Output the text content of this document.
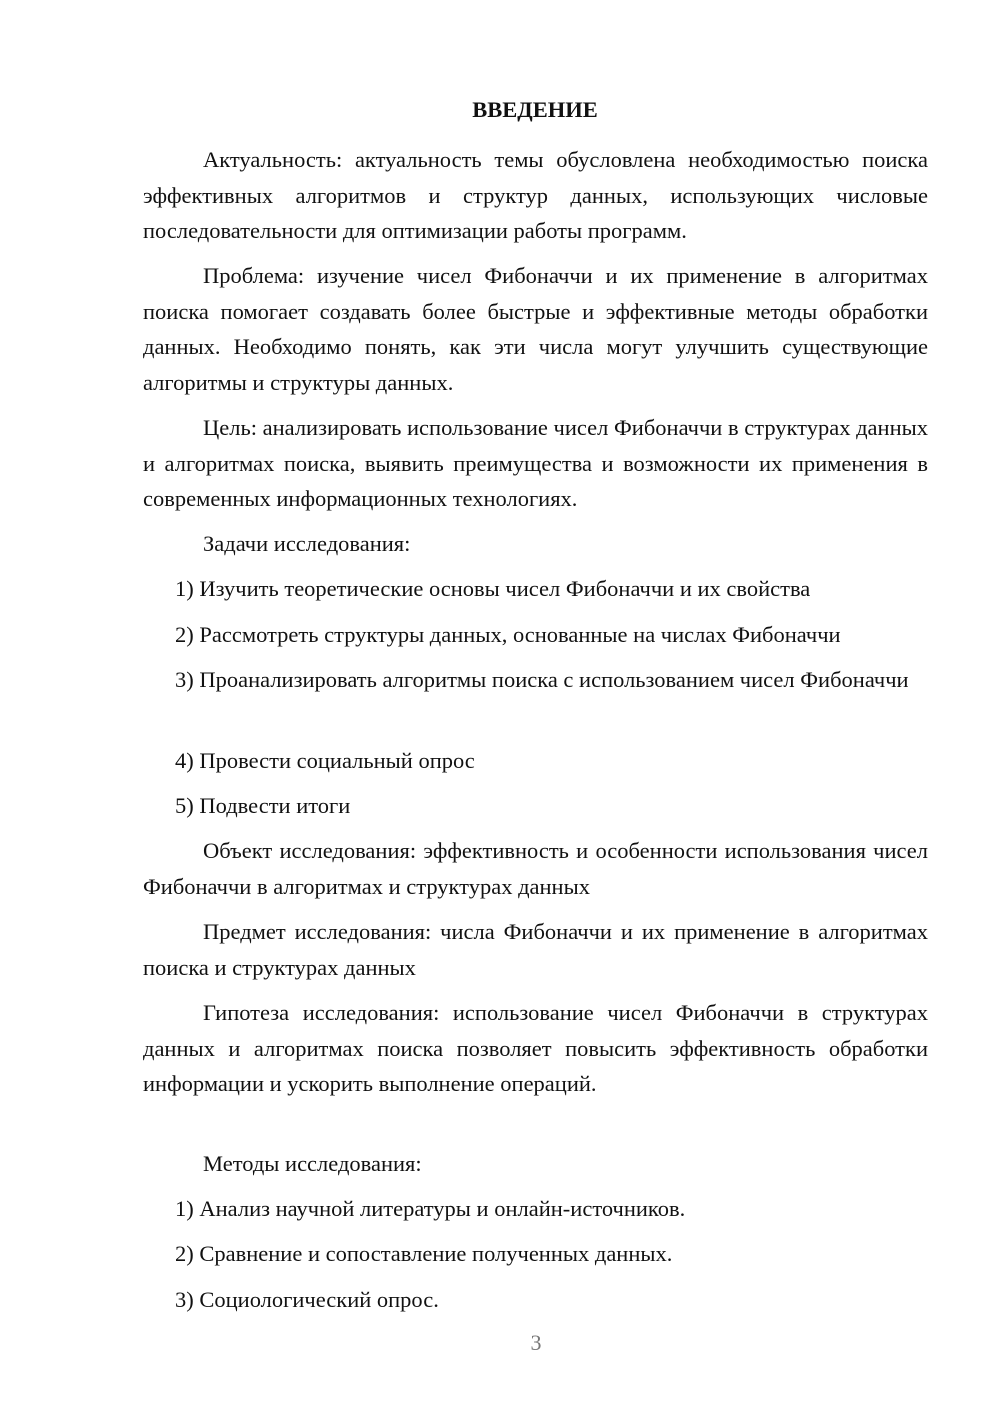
ВВЕДЕНИЕ
Актуальность: актуальность темы обусловлена необходимостью поиска эффективных алгоритмов и структур данных, использующих числовые последовательности для оптимизации работы программ.
Проблема: изучение чисел Фибоначчи и их применение в алгоритмах поиска помогает создавать более быстрые и эффективные методы обработки данных. Необходимо понять, как эти числа могут улучшить существующие алгоритмы и структуры данных.
Цель: анализировать использование чисел Фибоначчи в структурах данных и алгоритмах поиска, выявить преимущества и возможности их применения в современных информационных технологиях.
Задачи исследования:
1) Изучить теоретические основы чисел Фибоначчи и их свойства
2) Рассмотреть структуры данных, основанные на числах Фибоначчи
3) Проанализировать алгоритмы поиска с использованием чисел Фибоначчи
4) Провести социальный опрос
5) Подвести итоги
Объект исследования: эффективность и особенности использования чисел Фибоначчи в алгоритмах и структурах данных
Предмет исследования: числа Фибоначчи и их применение в алгоритмах поиска и структурах данных
Гипотеза исследования: использование чисел Фибоначчи в структурах данных и алгоритмах поиска позволяет повысить эффективность обработки информации и ускорить выполнение операций.
Методы исследования:
1) Анализ научной литературы и онлайн-источников.
2) Сравнение и сопоставление полученных данных.
3) Социологический опрос.
3
